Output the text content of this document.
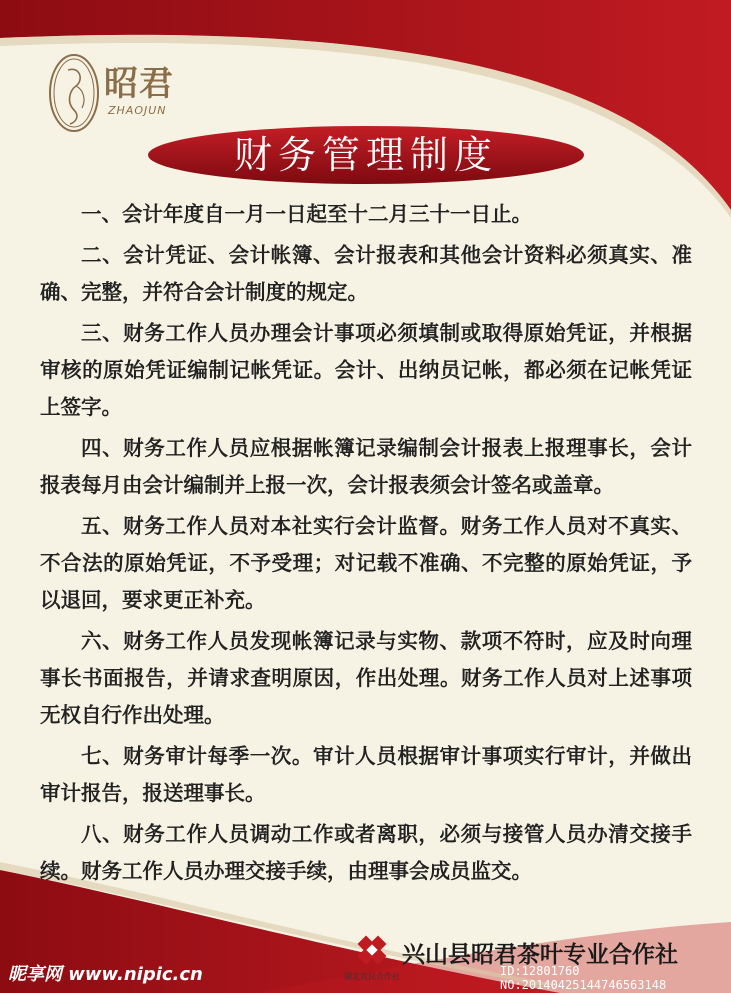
昭君
ZHAOJUN
财务管理制度

一、会计年度自一月一日起至十二月三十一日止。

二、会计凭证、会计帐簿、会计报表和其他会计资料必须真实、准确、完整，并符合会计制度的规定。

三、财务工作人员办理会计事项必须填制或取得原始凭证，并根据审核的原始凭证编制记帐凭证。会计、出纳员记帐，都必须在记帐凭证上签字。

四、财务工作人员应根据帐簿记录编制会计报表上报理事长，会计报表每月由会计编制并上报一次，会计报表须会计签名或盖章。

五、财务工作人员对本社实行会计监督。财务工作人员对不真实、不合法的原始凭证，不予受理；对记载不准确、不完整的原始凭证，予以退回，要求更正补充。

六、财务工作人员发现帐簿记录与实物、款项不符时，应及时向理事长书面报告，并请求查明原因，作出处理。财务工作人员对上述事项无权自行作出处理。

七、财务审计每季一次。审计人员根据审计事项实行审计，并做出审计报告，报送理事长。

八、财务工作人员调动工作或者离职，必须与接管人员办清交接手续。财务工作人员办理交接手续，由理事会成员监交。

湖北农民合作社
兴山县昭君茶叶专业合作社
昵享网 www.nipic.cn	ID:12801760 NO:20140425144746563148
